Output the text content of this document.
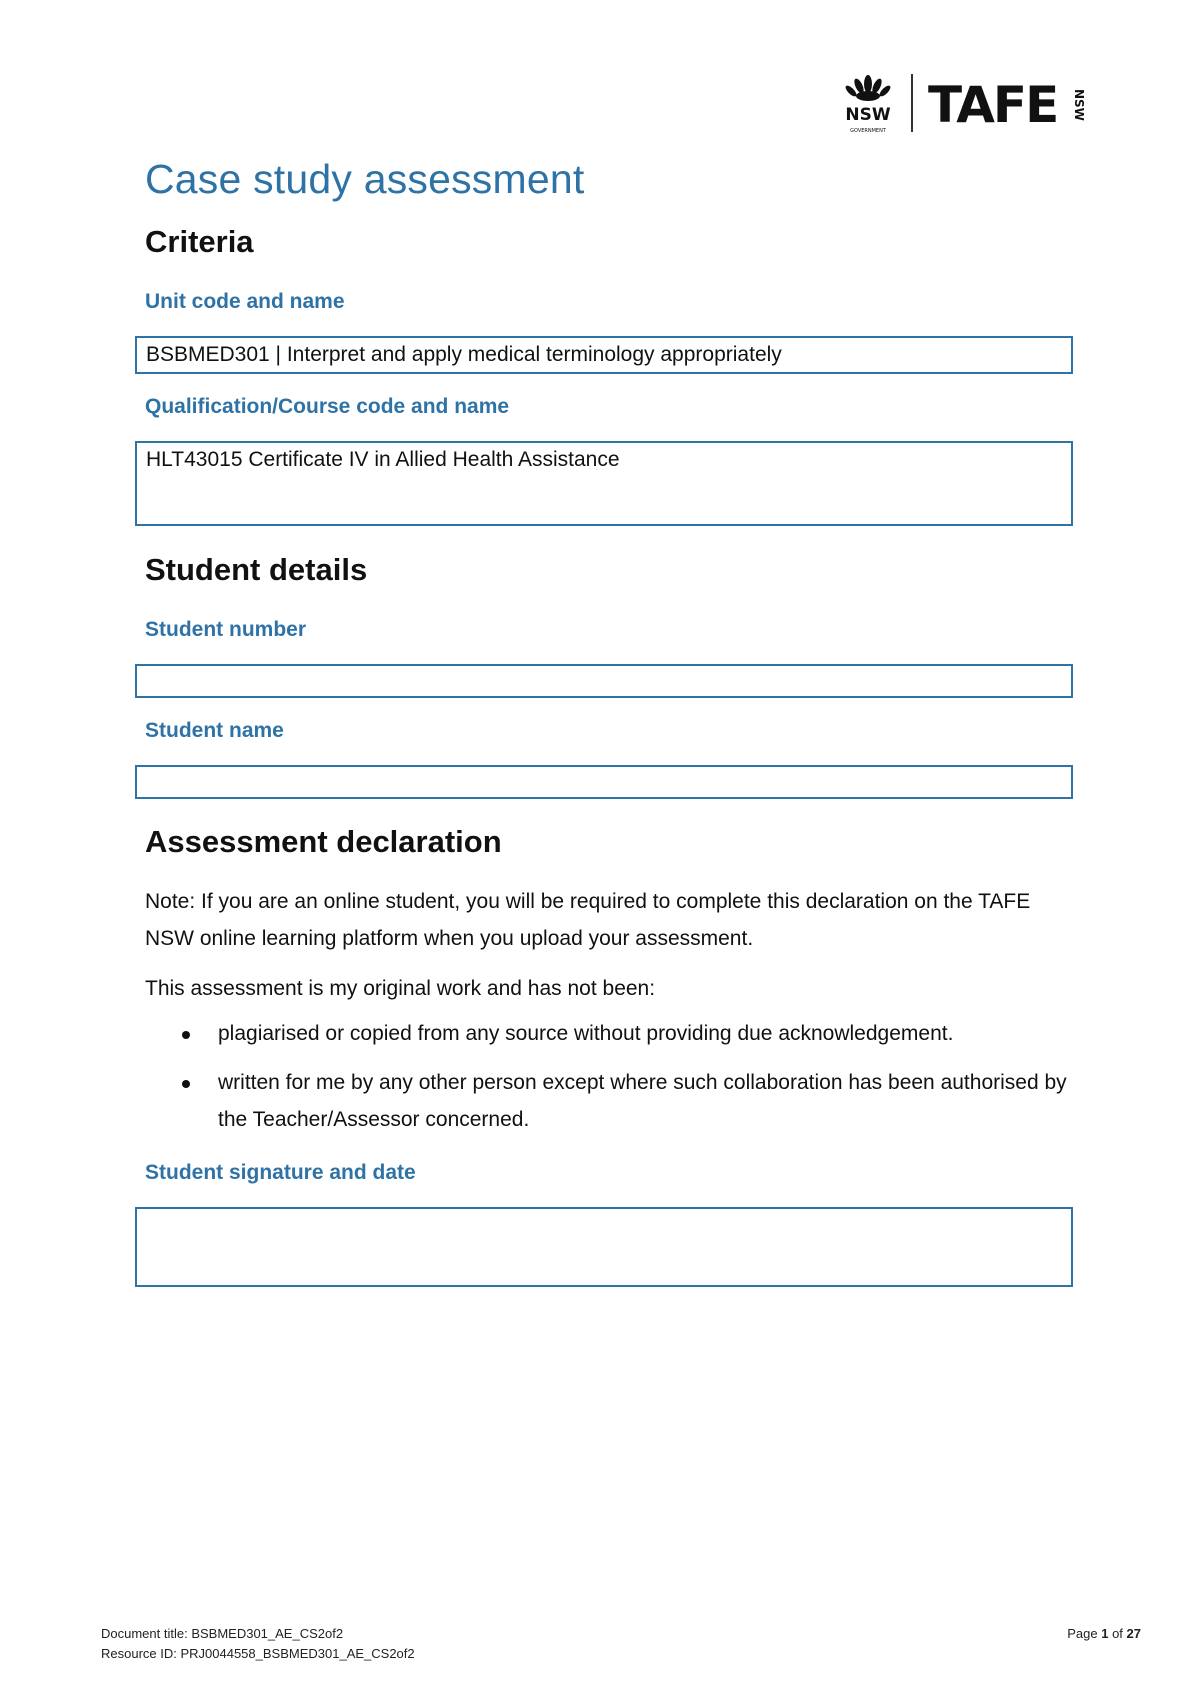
NSW
GOVERNMENT TAFE NSW
Case study assessment
Criteria
Unit code and name
BSBMED301 | Interpret and apply medical terminology appropriately
Qualification/Course code and name
HLT43015 Certificate IV in Allied Health Assistance
Student details
Student number
Student name
Assessment declaration

Note: If you are an online student, you will be required to complete this declaration on the TAFE NSW online learning platform when you upload your assessment.

This assessment is my original work and has not been:

plagiarised or copied from any source without providing due acknowledgement.
written for me by any other person except where such collaboration has been authorised by the Teacher/Assessor concerned.
Student signature and date
Document title: BSBMED301_AE_CS2of2
Resource ID: PRJ0044558_BSBMED301_AE_CS2of2
Page 1 of 27
